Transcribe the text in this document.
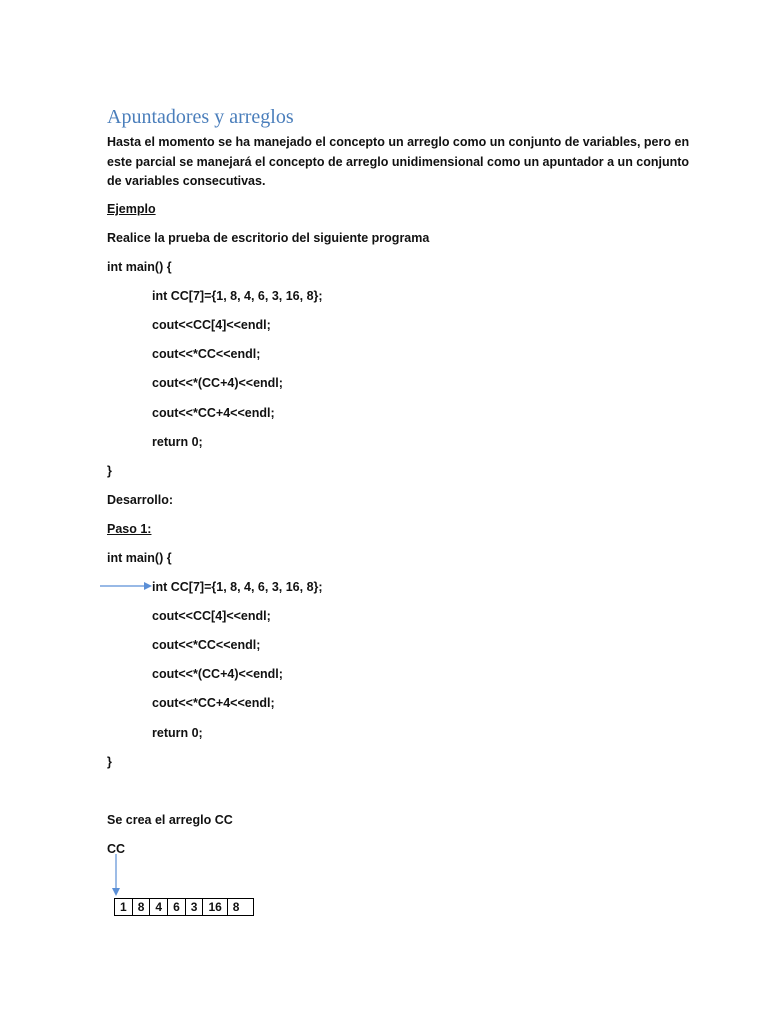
Apuntadores y arreglos
Hasta el momento se ha manejado el concepto un arreglo como un conjunto de variables, pero en
este parcial se manejará el concepto de arreglo unidimensional como un apuntador a un conjunto
de variables consecutivas.
Ejemplo
Realice la prueba de escritorio del siguiente programa
int main() {
int CC[7]={1, 8, 4, 6, 3, 16, 8};
cout<<CC[4]<<endl;
cout<<*CC<<endl;
cout<<*(CC+4)<<endl;
cout<<*CC+4<<endl;
return 0;
}
Desarrollo:
Paso 1:
int main() {
int CC[7]={1, 8, 4, 6, 3, 16, 8};
cout<<CC[4]<<endl;
cout<<*CC<<endl;
cout<<*(CC+4)<<endl;
cout<<*CC+4<<endl;
return 0;
}
Se crea el arreglo CC
CC
1	8	4	6	3	16	8
